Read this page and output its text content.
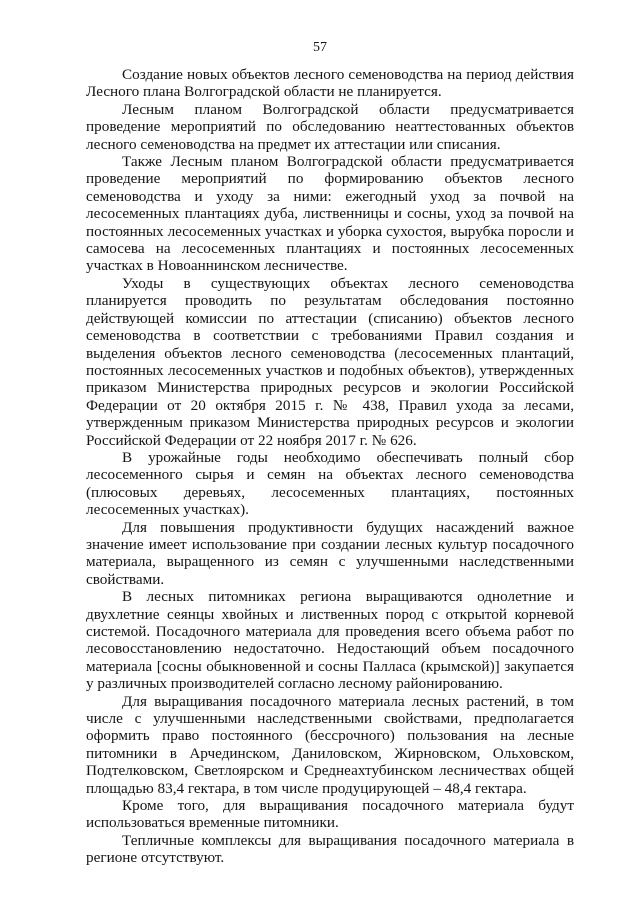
57

Создание новых объектов лесного семеноводства на период действия Лесного плана Волгоградской области не планируется.

Лесным планом Волгоградской области предусматривается проведение мероприятий по обследованию неаттестованных объектов лесного семеноводства на предмет их аттестации или списания.

Также Лесным планом Волгоградской области предусматривается проведение мероприятий по формированию объектов лесного семеноводства и уходу за ними: ежегодный уход за почвой на лесосеменных плантациях дуба, лиственницы и сосны, уход за почвой на постоянных лесосеменных участках и уборка сухостоя, вырубка поросли и самосева на лесосеменных плантациях и постоянных лесосеменных участках в Новоаннинском лесничестве.

Уходы в существующих объектах лесного семеноводства планируется проводить по результатам обследования постоянно действующей комиссии по аттестации (списанию) объектов лесного семеноводства в соответствии с требованиями Правил создания и выделения объектов лесного семеноводства (лесосеменных плантаций, постоянных лесосеменных участков и подобных объектов), утвержденных приказом Министерства природных ресурсов и экологии Российской Федерации от 20 октября 2015 г. № 438, Правил ухода за лесами, утвержденным приказом Министерства природных ресурсов и экологии Российской Федерации от 22 ноября 2017 г. № 626.

В урожайные годы необходимо обеспечивать полный сбор лесосеменного сырья и семян на объектах лесного семеноводства (плюсовых деревьях, лесосеменных плантациях, постоянных лесосеменных участках).

Для повышения продуктивности будущих насаждений важное значение имеет использование при создании лесных культур посадочного материала, выращенного из семян с улучшенными наследственными свойствами.

В лесных питомниках региона выращиваются однолетние и двухлетние сеянцы хвойных и лиственных пород с открытой корневой системой. Посадочного материала для проведения всего объема работ по лесовосстановлению недостаточно. Недостающий объем посадочного материала [сосны обыкновенной и сосны Палласа (крымской)] закупается у различных производителей согласно лесному районированию.

Для выращивания посадочного материала лесных растений, в том числе с улучшенными наследственными свойствами, предполагается оформить право постоянного (бессрочного) пользования на лесные питомники в Арчединском, Даниловском, Жирновском, Ольховском, Подтелковском, Светлоярском и Среднеахтубинском лесничествах общей площадью 83,4 гектара, в том числе продуцирующей – 48,4 гектара.

Кроме того, для выращивания посадочного материала будут использоваться временные питомники.

Тепличные комплексы для выращивания посадочного материала в регионе отсутствуют.
